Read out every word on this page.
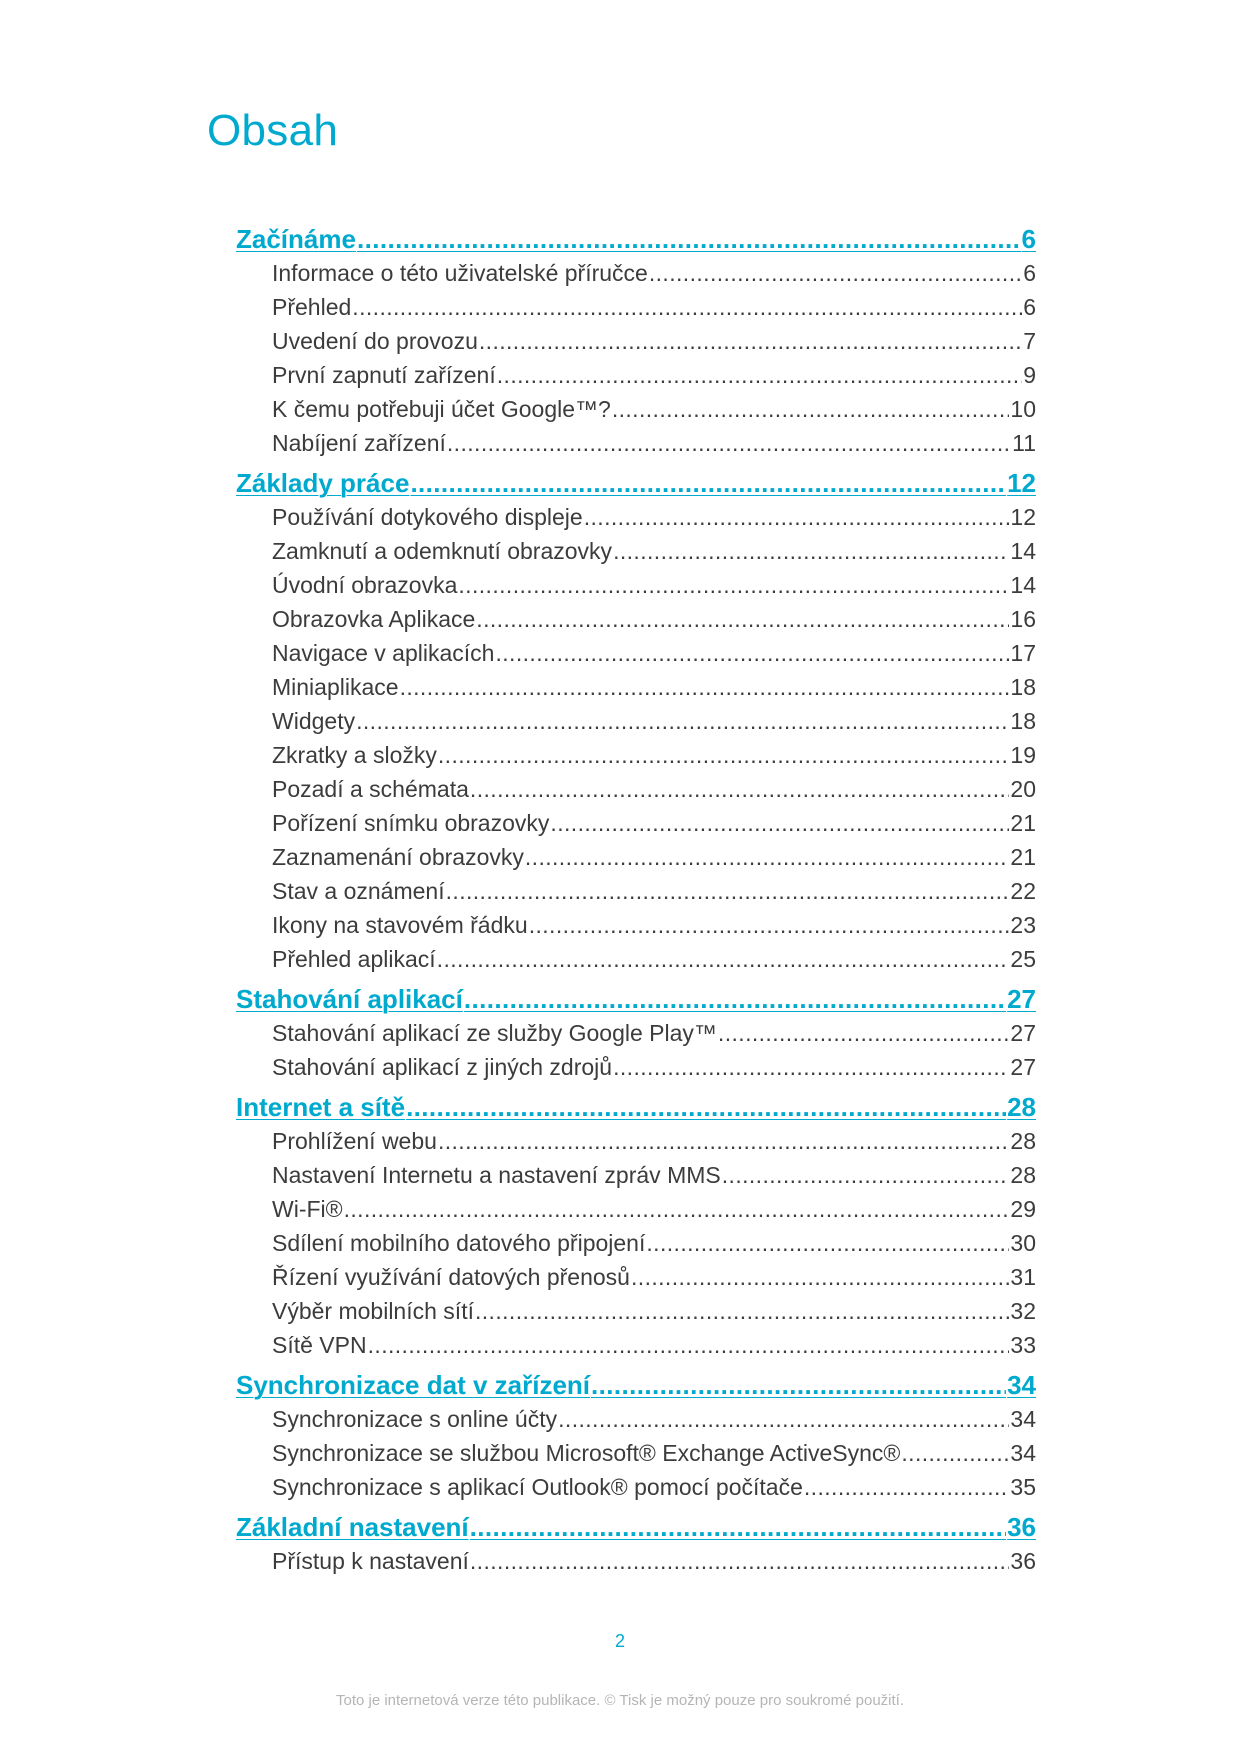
Obsah
Začínáme .....	6
Informace o této uživatelské příručce .....	6
Přehled .....	6
Uvedení do provozu .....	7
První zapnutí zařízení .....	9
K čemu potřebuji účet Google™? .....	10
Nabíjení zařízení .....	11
Základy práce .....	12
Používání dotykového displeje .....	12
Zamknutí a odemknutí obrazovky .....	14
Úvodní obrazovka .....	14
Obrazovka Aplikace .....	16
Navigace v aplikacích .....	17
Miniaplikace .....	18
Widgety .....	18
Zkratky a složky .....	19
Pozadí a schémata .....	20
Pořízení snímku obrazovky .....	21
Zaznamenání obrazovky .....	21
Stav a oznámení .....	22
Ikony na stavovém řádku .....	23
Přehled aplikací .....	25
Stahování aplikací .....	27
Stahování aplikací ze služby Google Play™ .....	27
Stahování aplikací z jiných zdrojů .....	27
Internet a sítě .....	28
Prohlížení webu .....	28
Nastavení Internetu a nastavení zpráv MMS .....	28
Wi-Fi® .....	29
Sdílení mobilního datového připojení .....	30
Řízení využívání datových přenosů .....	31
Výběr mobilních sítí .....	32
Sítě VPN .....	33
Synchronizace dat v zařízení .....	34
Synchronizace s online účty .....	34
Synchronizace se službou Microsoft® Exchange ActiveSync® .....	34
Synchronizace s aplikací Outlook® pomocí počítače .....	35
Základní nastavení .....	36
Přístup k nastavení .....	36
2
Toto je internetová verze této publikace. © Tisk je možný pouze pro soukromé použití.
